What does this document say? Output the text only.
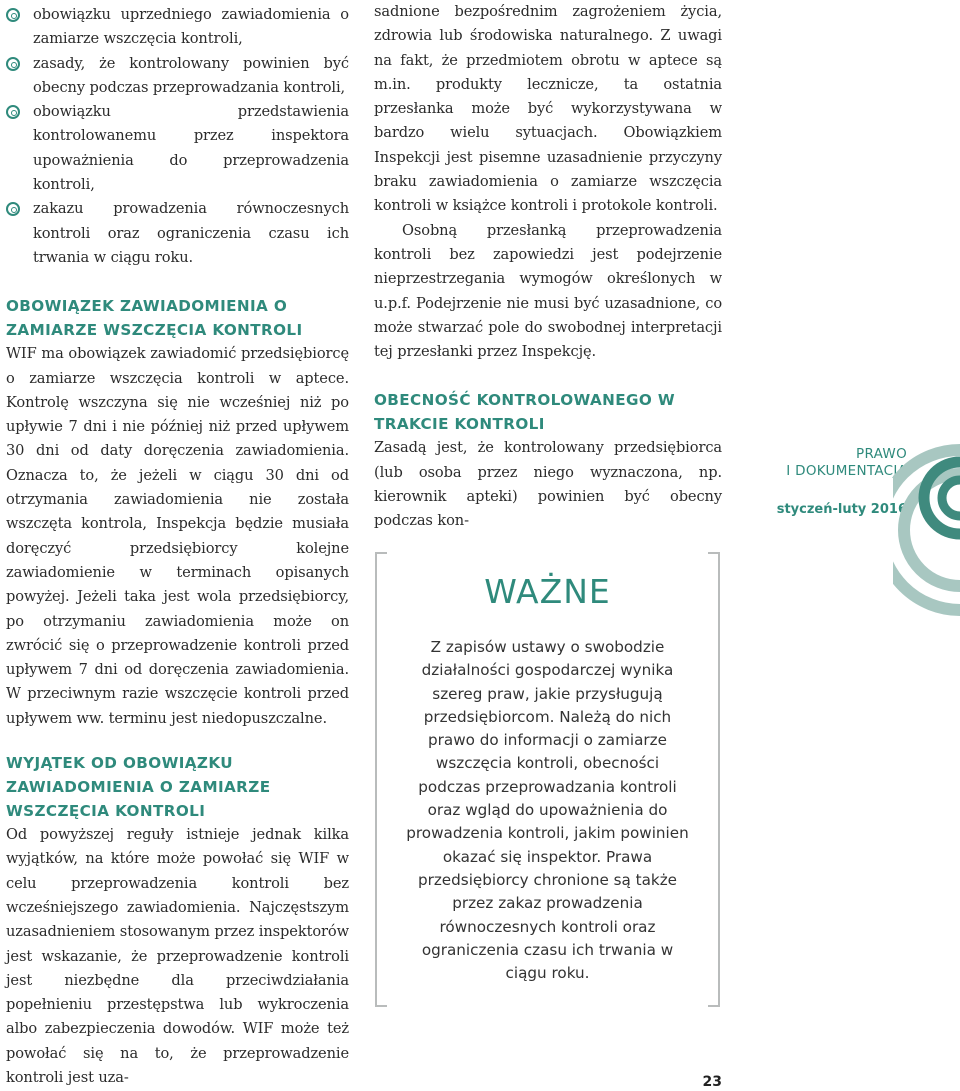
obowiązku uprzedniego zawiadomienia o zamiarze wszczęcia kontroli,
zasady, że kontrolowany powinien być obecny podczas przeprowadzania kontroli,
obowiązku przedstawienia kontrolowanemu przez inspektora upoważnienia do przeprowadzenia kontroli,
zakazu prowadzenia równoczesnych kontroli oraz ograniczenia czasu ich trwania w ciągu roku.
OBOWIĄZEK ZAWIADOMIENIA O ZAMIARZE WSZCZĘCIA KONTROLI

WIF ma obowiązek zawiadomić przedsiębiorcę o zamiarze wszczęcia kontroli w aptece. Kontrolę wszczyna się nie wcześniej niż po upływie 7 dni i nie później niż przed upływem 30 dni od daty doręczenia zawiadomienia. Oznacza to, że jeżeli w ciągu 30 dni od otrzymania zawiadomienia nie została wszczęta kontrola, Inspekcja będzie musiała doręczyć przedsiębiorcy kolejne zawiadomienie w terminach opisanych powyżej. Jeżeli taka jest wola przedsiębiorcy, po otrzymaniu zawiadomienia może on zwrócić się o przeprowadzenie kontroli przed upływem 7 dni od doręczenia zawiadomienia. W przeciwnym razie wszczęcie kontroli przed upływem ww. terminu jest niedopuszczalne.

WYJĄTEK OD OBOWIĄZKU ZAWIADOMIENIA O ZAMIARZE WSZCZĘCIA KONTROLI

Od powyższej reguły istnieje jednak kilka wyjątków, na które może powołać się WIF w celu przeprowadzenia kontroli bez wcześniejszego zawiadomienia. Najczęstszym uzasadnieniem stosowanym przez inspektorów jest wskazanie, że przeprowadzenie kontroli jest niezbędne dla przeciwdziałania popełnieniu przestępstwa lub wykroczenia albo zabezpieczenia dowodów. WIF może też powołać się na to, że przeprowadzenie kontroli jest uza-

sadnione bezpośrednim zagrożeniem życia, zdrowia lub środowiska naturalnego. Z uwagi na fakt, że przedmiotem obrotu w aptece są m.in. produkty lecznicze, ta ostatnia przesłanka może być wykorzystywana w bardzo wielu sytuacjach. Obowiązkiem Inspekcji jest pisemne uzasadnienie przyczyny braku zawiadomienia o zamiarze wszczęcia kontroli w książce kontroli i protokole kontroli.

Osobną przesłanką przeprowadzenia kontroli bez zapowiedzi jest podejrzenie nieprzestrzegania wymogów określonych w u.p.f. Podejrzenie nie musi być uzasadnione, co może stwarzać pole do swobodnej interpretacji tej przesłanki przez Inspekcję.

OBECNOŚĆ KONTROLOWANEGO W TRAKCIE KONTROLI

Zasadą jest, że kontrolowany przedsiębiorca (lub osoba przez niego wyznaczona, np. kierownik apteki) powinien być obecny podczas kon-

WAŻNE
Z zapisów ustawy o swobodzie działalności gospodarczej wynika szereg praw, jakie przysługują przedsiębiorcom. Należą do nich prawo do informacji o zamiarze wszczęcia kontroli, obecności podczas przeprowadzania kontroli oraz wgląd do upoważnienia do prowadzenia kontroli, jakim powinien okazać się inspektor. Prawa przedsiębiorcy chronione są także przez zakaz prowadzenia równoczesnych kontroli oraz ograniczenia czasu ich trwania w ciągu roku.
PRAWO
I DOKUMENTACJA
styczeń-luty 2016
23
